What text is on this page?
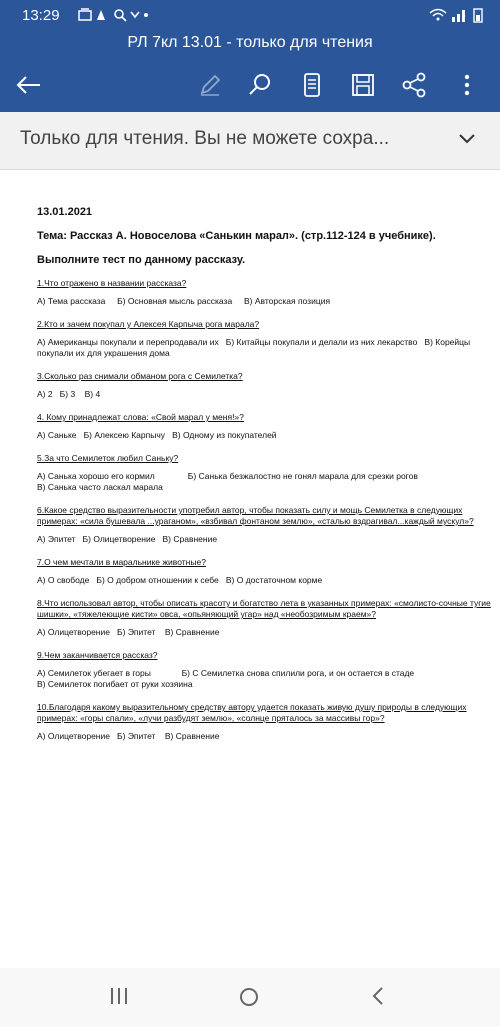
13:29
РЛ 7кл 13.01 - только для чтения
Только для чтения. Вы не можете сохра...
13.01.2021
Тема: Рассказ А. Новоселова «Санькин марал». (стр.112-124 в учебнике).
Выполните тест по данному рассказу.
1.Что отражено в названии рассказа?
А) Тема рассказа     Б) Основная мысль рассказа     В) Авторская позиция
2.Кто и зачем покупал у Алексея Карпыча рога марала?
А) Американцы покупали и перепродавали их   Б) Китайцы покупали и делали из них лекарство   В) Корейцы покупали их для украшения дома
3.Сколько раз снимали обманом рога с Семилетка?
А) 2   Б) 3    В) 4
4. Кому принадлежат слова: «Свой марал у меня!»?
А) Саньке   Б) Алексею Карпычу   В) Одному из покупателей
5.За что Семилеток любил Саньку?
А) Санька хорошо его кормил              Б) Санька безжалостно не гонял марала для срезки рогов
В) Санька часто ласкал марала
6.Какое средство выразительности употребил автор, чтобы показать силу и мощь Семилетка в следующих примерах: «сила бушевала ...ураганом», «взбивал фонтаном землю», «сталью вздрагивал...каждый мускул»?
А) Эпитет   Б) Олицетворение   В) Сравнение
7.О чем мечтали в маральнике животные?
А) О свободе   Б) О добром отношении к себе   В) О достаточном корме
8.Что использовал автор, чтобы описать красоту и богатство лета в указанных примерах: «смолисто-сочные тугие шишки», «тяжелеющие кисти» овса, «опьяняющий угар» над «необозримым краем»?
А) Олицетворение   Б) Эпитет    В) Сравнение
9.Чем заканчивается рассказ?
А) Семилеток убегает в горы             Б) С Семилетка снова спилили рога, и он остается в стаде
В) Семилеток погибает от руки хозяина
10.Благодаря какому выразительному средству автору удается показать живую душу природы в следующих примерах: «горы спали», «лучи разбудят землю», «солнце пряталось за массивы гор»?
А) Олицетворение   Б) Эпитет    В) Сравнение
